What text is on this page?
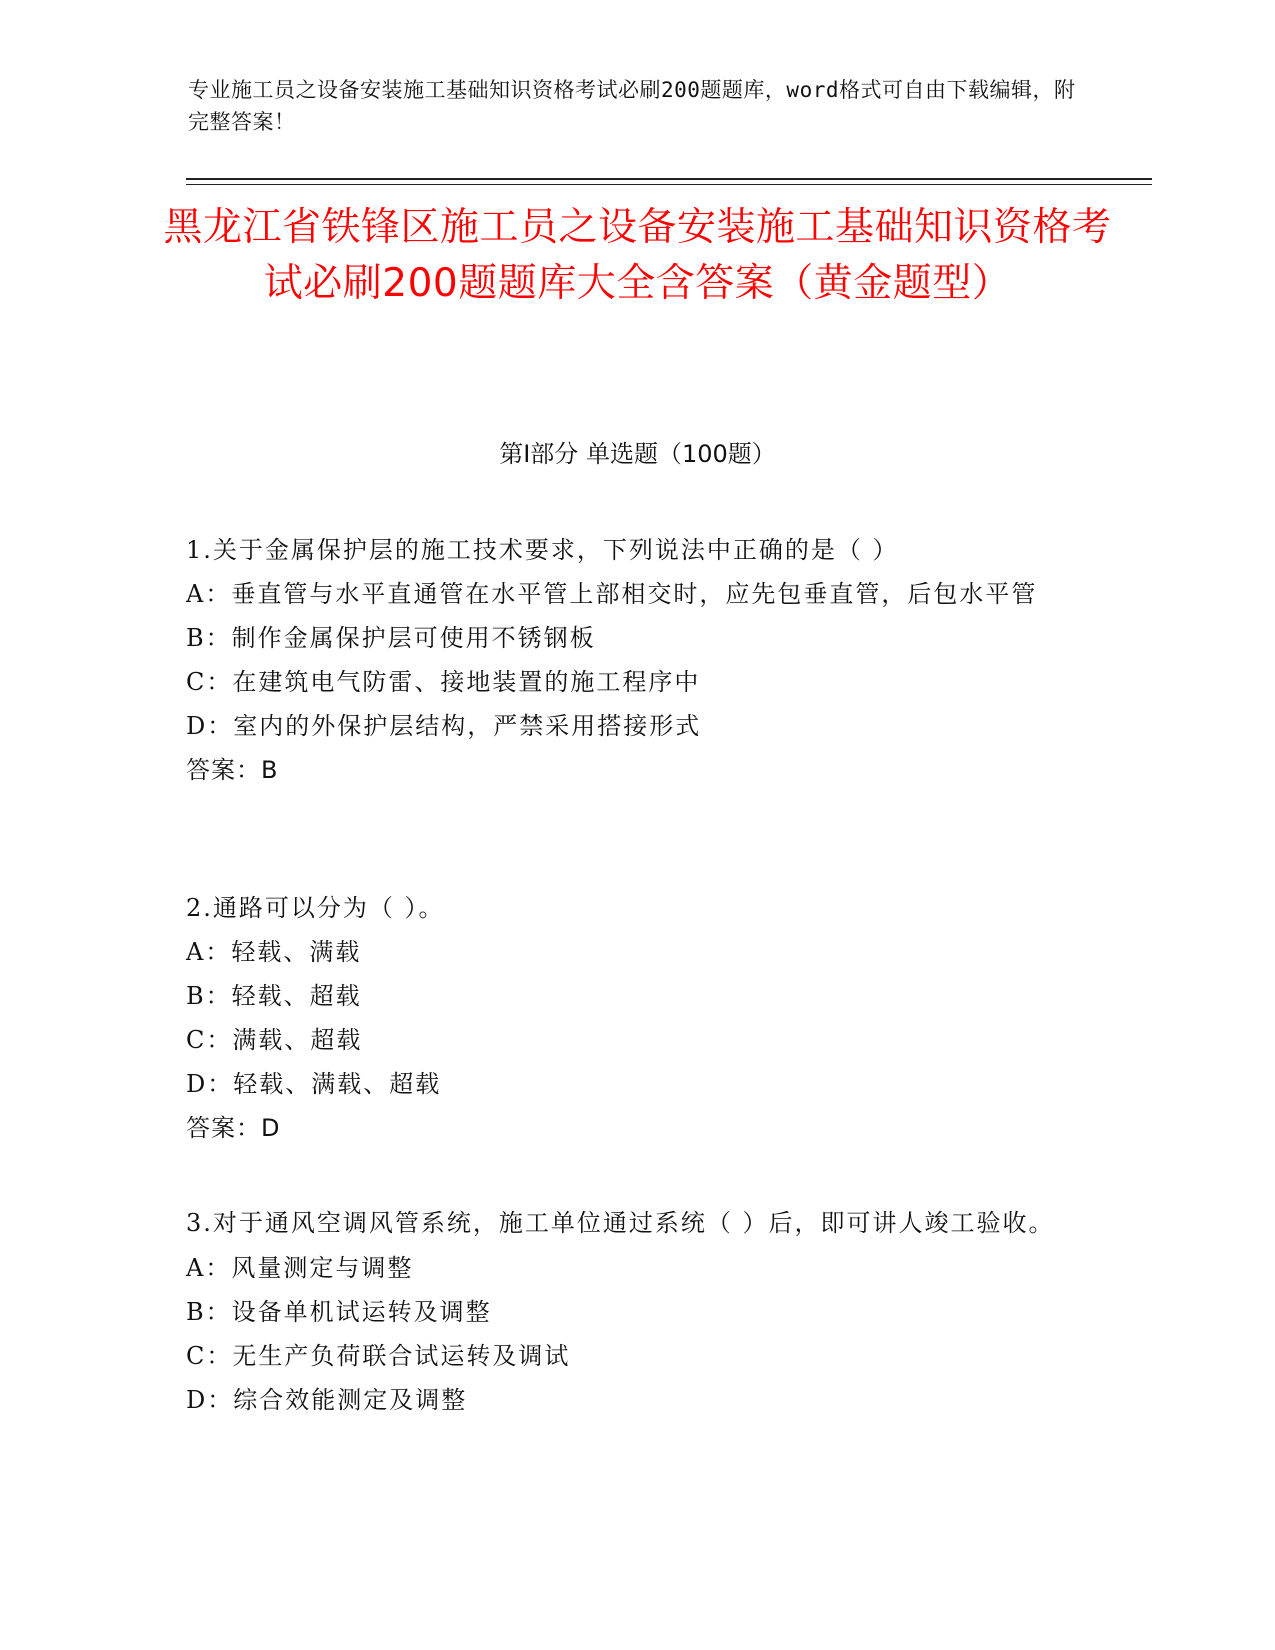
专业施工员之设备安装施工基础知识资格考试必刷200题题库，word格式可自由下载编辑，附完整答案！
黑龙江省铁锋区施工员之设备安装施工基础知识资格考试必刷200题题库大全含答案（黄金题型）
第Ⅰ部分 单选题（100题）
1.关于金属保护层的施工技术要求，下列说法中正确的是（ ）
A：垂直管与水平直通管在水平管上部相交时，应先包垂直管，后包水平管
B：制作金属保护层可使用不锈钢板
C：在建筑电气防雷、接地装置的施工程序中
D：室内的外保护层结构，严禁采用搭接形式
答案：B
2.通路可以分为（ ）。
A：轻载、满载
B：轻载、超载
C：满载、超载
D：轻载、满载、超载
答案：D
3.对于通风空调风管系统，施工单位通过系统（ ）后，即可讲人竣工验收。
A：风量测定与调整
B：设备单机试运转及调整
C：无生产负荷联合试运转及调试
D：综合效能测定及调整
